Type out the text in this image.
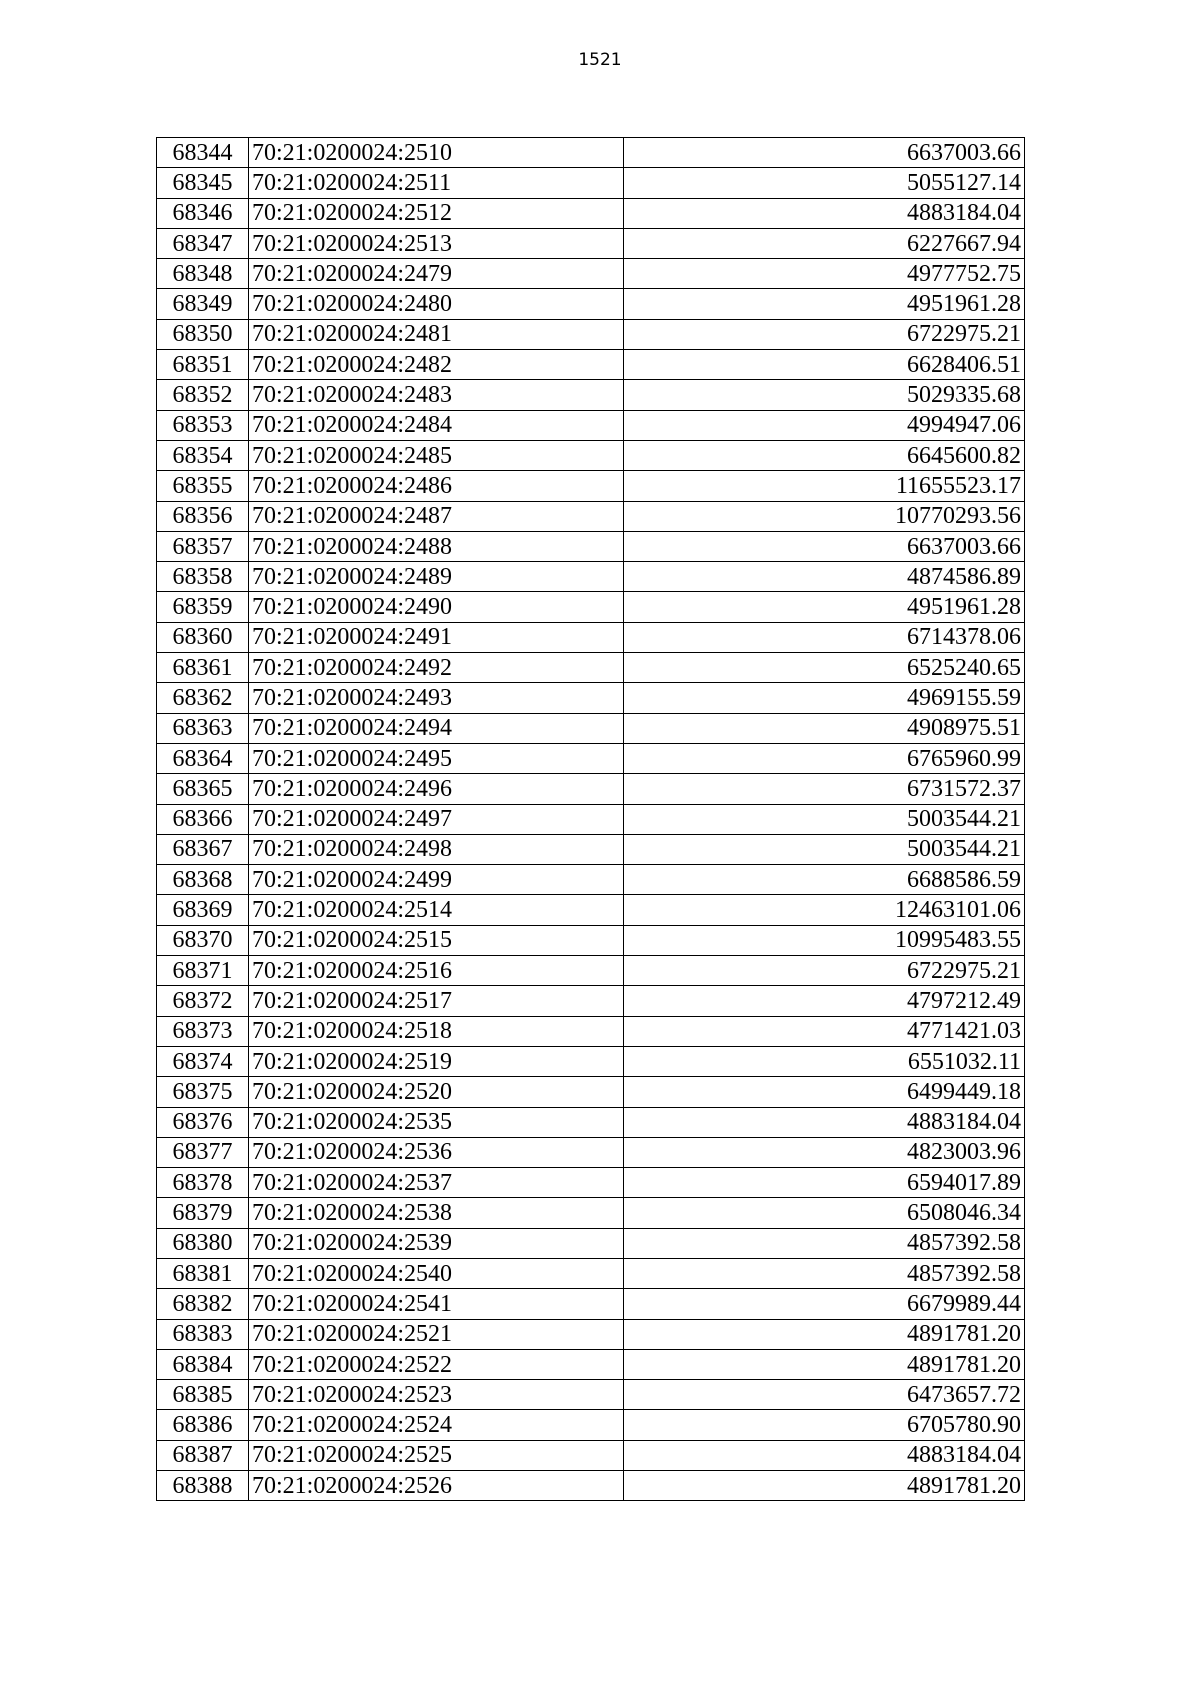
1521
68344	70:21:0200024:2510	6637003.66
68345	70:21:0200024:2511	5055127.14
68346	70:21:0200024:2512	4883184.04
68347	70:21:0200024:2513	6227667.94
68348	70:21:0200024:2479	4977752.75
68349	70:21:0200024:2480	4951961.28
68350	70:21:0200024:2481	6722975.21
68351	70:21:0200024:2482	6628406.51
68352	70:21:0200024:2483	5029335.68
68353	70:21:0200024:2484	4994947.06
68354	70:21:0200024:2485	6645600.82
68355	70:21:0200024:2486	11655523.17
68356	70:21:0200024:2487	10770293.56
68357	70:21:0200024:2488	6637003.66
68358	70:21:0200024:2489	4874586.89
68359	70:21:0200024:2490	4951961.28
68360	70:21:0200024:2491	6714378.06
68361	70:21:0200024:2492	6525240.65
68362	70:21:0200024:2493	4969155.59
68363	70:21:0200024:2494	4908975.51
68364	70:21:0200024:2495	6765960.99
68365	70:21:0200024:2496	6731572.37
68366	70:21:0200024:2497	5003544.21
68367	70:21:0200024:2498	5003544.21
68368	70:21:0200024:2499	6688586.59
68369	70:21:0200024:2514	12463101.06
68370	70:21:0200024:2515	10995483.55
68371	70:21:0200024:2516	6722975.21
68372	70:21:0200024:2517	4797212.49
68373	70:21:0200024:2518	4771421.03
68374	70:21:0200024:2519	6551032.11
68375	70:21:0200024:2520	6499449.18
68376	70:21:0200024:2535	4883184.04
68377	70:21:0200024:2536	4823003.96
68378	70:21:0200024:2537	6594017.89
68379	70:21:0200024:2538	6508046.34
68380	70:21:0200024:2539	4857392.58
68381	70:21:0200024:2540	4857392.58
68382	70:21:0200024:2541	6679989.44
68383	70:21:0200024:2521	4891781.20
68384	70:21:0200024:2522	4891781.20
68385	70:21:0200024:2523	6473657.72
68386	70:21:0200024:2524	6705780.90
68387	70:21:0200024:2525	4883184.04
68388	70:21:0200024:2526	4891781.20
